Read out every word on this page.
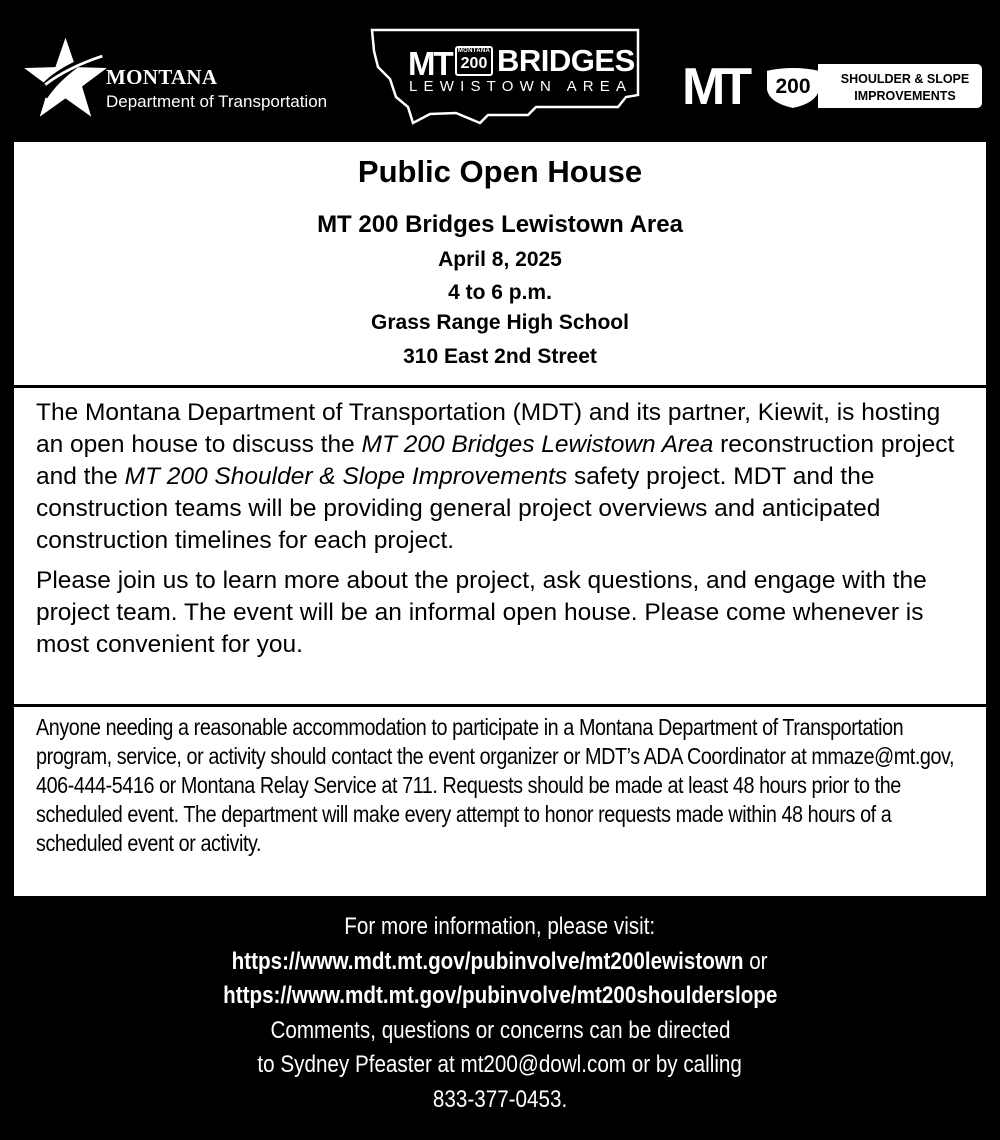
MONTANA
Department of Transportation
MT MONTANA
200 BRIDGES
LEWISTOWN AREA MT	200	SHOULDER & SLOPE
IMPROVEMENTS
Public Open House
MT 200 Bridges Lewistown Area
April 8, 2025
4 to 6 p.m.
Grass Range High School
310 East 2nd Street

The Montana Department of Transportation (MDT) and its partner, Kiewit, is hosting an open house to discuss the MT 200 Bridges Lewistown Area reconstruction project and the MT 200 Shoulder & Slope Improvements safety project. MDT and the construction teams will be providing general project overviews and anticipated construction timelines for each project.

Please join us to learn more about the project, ask questions, and engage with the project team. The event will be an informal open house. Please come whenever is most convenient for you.

Anyone needing a reasonable accommodation to participate in a Montana Department of Transportation program, service, or activity should contact the event organizer or MDT’s ADA Coordinator at mmaze@mt.gov, 406-444-5416 or Montana Relay Service at 711. Requests should be made at least 48 hours prior to the scheduled event. The department will make every attempt to honor requests made within 48 hours of a scheduled event or activity.

For more information, please visit:
https://www.mdt.mt.gov/pubinvolve/mt200lewistown or
https://www.mdt.mt.gov/pubinvolve/mt200shoulderslope
Comments, questions or concerns can be directed
to Sydney Pfeaster at mt200@dowl.com or by calling
833-377-0453.
